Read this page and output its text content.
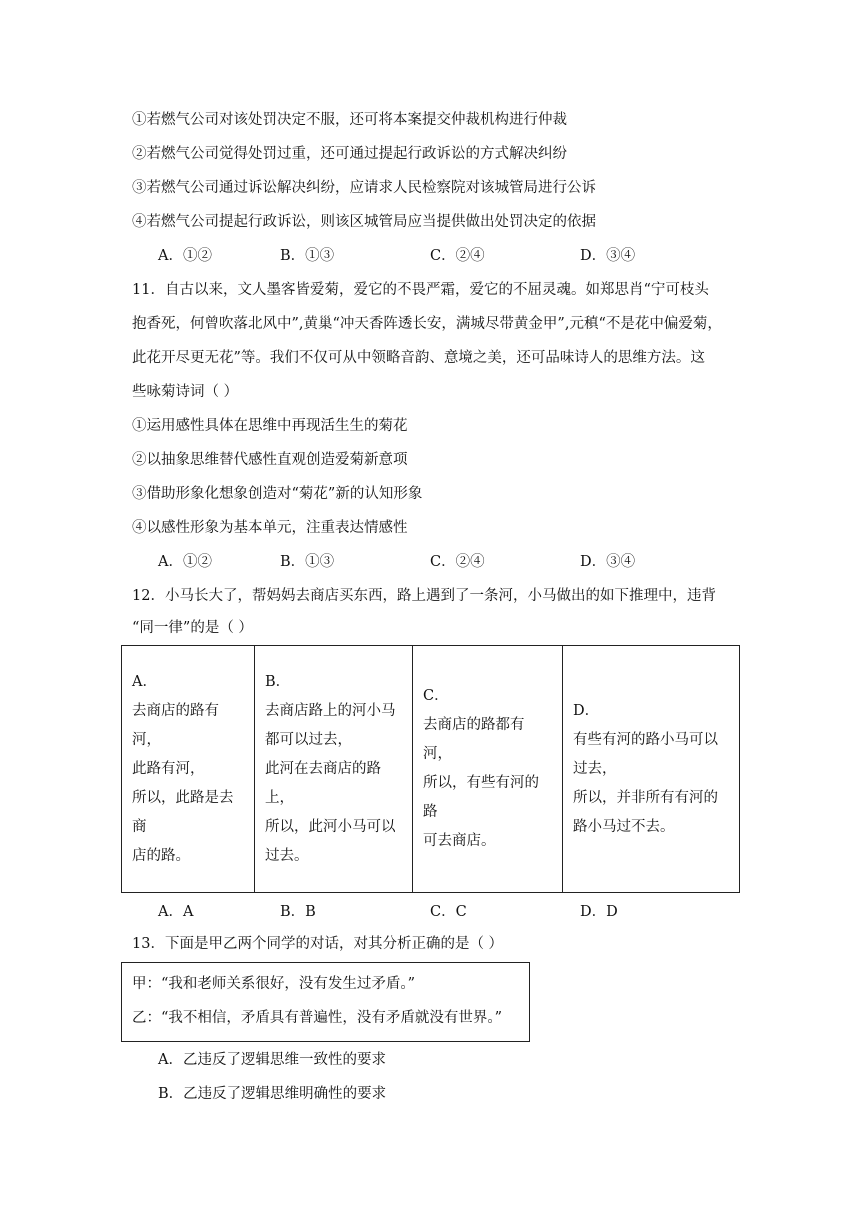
①若燃气公司对该处罚决定不服，还可将本案提交仲裁机构进行仲裁
②若燃气公司觉得处罚过重，还可通过提起行政诉讼的方式解决纠纷
③若燃气公司通过诉讼解决纠纷，应请求人民检察院对该城管局进行公诉
④若燃气公司提起行政诉讼，则该区城管局应当提供做出处罚决定的依据
A．①②	B．①③	C．②④	D．③④
11．自古以来，文人墨客皆爱菊，爱它的不畏严霜，爱它的不屈灵魂。如郑思肖“宁可枝头
抱香死，何曾吹落北风中”,黄巢“冲天香阵透长安，满城尽带黄金甲”,元稹“不是花中偏爱菊，
此花开尽更无花”等。我们不仅可从中领略音韵、意境之美，还可品味诗人的思维方法。这
些咏菊诗词（ ）
①运用感性具体在思维中再现活生生的菊花
②以抽象思维替代感性直观创造爱菊新意项
③借助形象化想象创造对“菊花”新的认知形象
④以感性形象为基本单元，注重表达情感性
A．①②	B．①③	C．②④	D．③④
12．小马长大了，帮妈妈去商店买东西，路上遇到了一条河，小马做出的如下推理中，违背
“同一律”的是（ ）
A．
去商店的路有河，
此路有河，
所以，此路是去商
店的路。

B．
去商店路上的河小马
都可以过去，
此河在去商店的路
上，
所以，此河小马可以
过去。

C．
去商店的路都有河，
所以，有些有河的路
可去商店。

D．
有些有河的路小马可以
过去，
所以，并非所有有河的
路小马过不去。
A．A	B．B	C．C	D．D
13．下面是甲乙两个同学的对话，对其分析正确的是（ ）
甲：“我和老师关系很好，没有发生过矛盾。”
乙：“我不相信，矛盾具有普遍性，没有矛盾就没有世界。”
A．乙违反了逻辑思维一致性的要求
B．乙违反了逻辑思维明确性的要求
